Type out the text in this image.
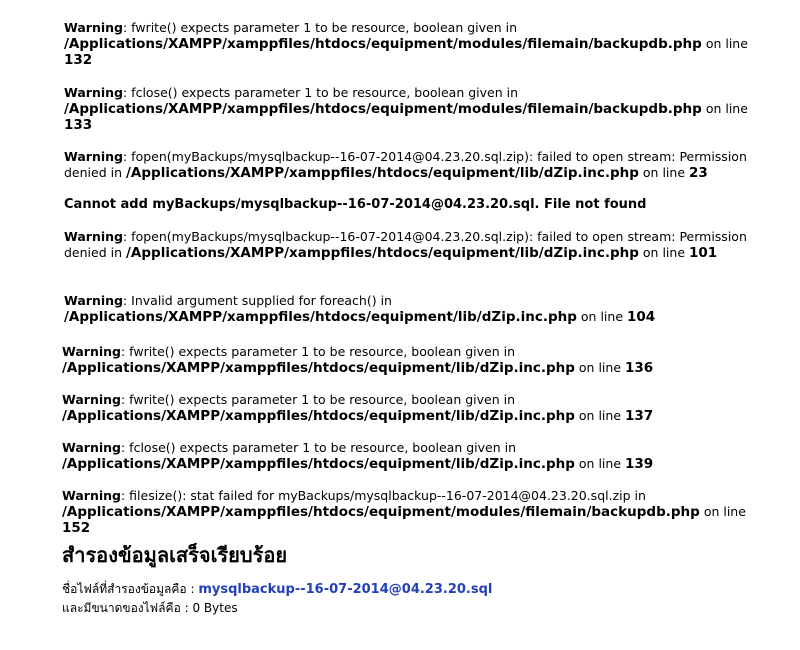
Warning: fwrite() expects parameter 1 to be resource, boolean given in
/Applications/XAMPP/xamppfiles/htdocs/equipment/modules/filemain/backupdb.php on line 132
Warning: fclose() expects parameter 1 to be resource, boolean given in
/Applications/XAMPP/xamppfiles/htdocs/equipment/modules/filemain/backupdb.php on line 133
Warning: fopen(myBackups/mysqlbackup--16-07-2014@04.23.20.sql.zip): failed to open stream: Permission denied in /Applications/XAMPP/xamppfiles/htdocs/equipment/lib/dZip.inc.php on line 23
Cannot add myBackups/mysqlbackup--16-07-2014@04.23.20.sql. File not found
Warning: fopen(myBackups/mysqlbackup--16-07-2014@04.23.20.sql.zip): failed to open stream: Permission denied in /Applications/XAMPP/xamppfiles/htdocs/equipment/lib/dZip.inc.php on line 101
Warning: Invalid argument supplied for foreach() in
/Applications/XAMPP/xamppfiles/htdocs/equipment/lib/dZip.inc.php on line 104
Warning: fwrite() expects parameter 1 to be resource, boolean given in
/Applications/XAMPP/xamppfiles/htdocs/equipment/lib/dZip.inc.php on line 136
Warning: fwrite() expects parameter 1 to be resource, boolean given in
/Applications/XAMPP/xamppfiles/htdocs/equipment/lib/dZip.inc.php on line 137
Warning: fclose() expects parameter 1 to be resource, boolean given in
/Applications/XAMPP/xamppfiles/htdocs/equipment/lib/dZip.inc.php on line 139
Warning: filesize(): stat failed for myBackups/mysqlbackup--16-07-2014@04.23.20.sql.zip in
/Applications/XAMPP/xamppfiles/htdocs/equipment/modules/filemain/backupdb.php on line 152
สำรองข้อมูลเสร็จเรียบร้อย
ชื่อไฟล์ที่สำรองข้อมูลคือ : mysqlbackup--16-07-2014@04.23.20.sql
และมีขนาดของไฟล์คือ : 0 Bytes
